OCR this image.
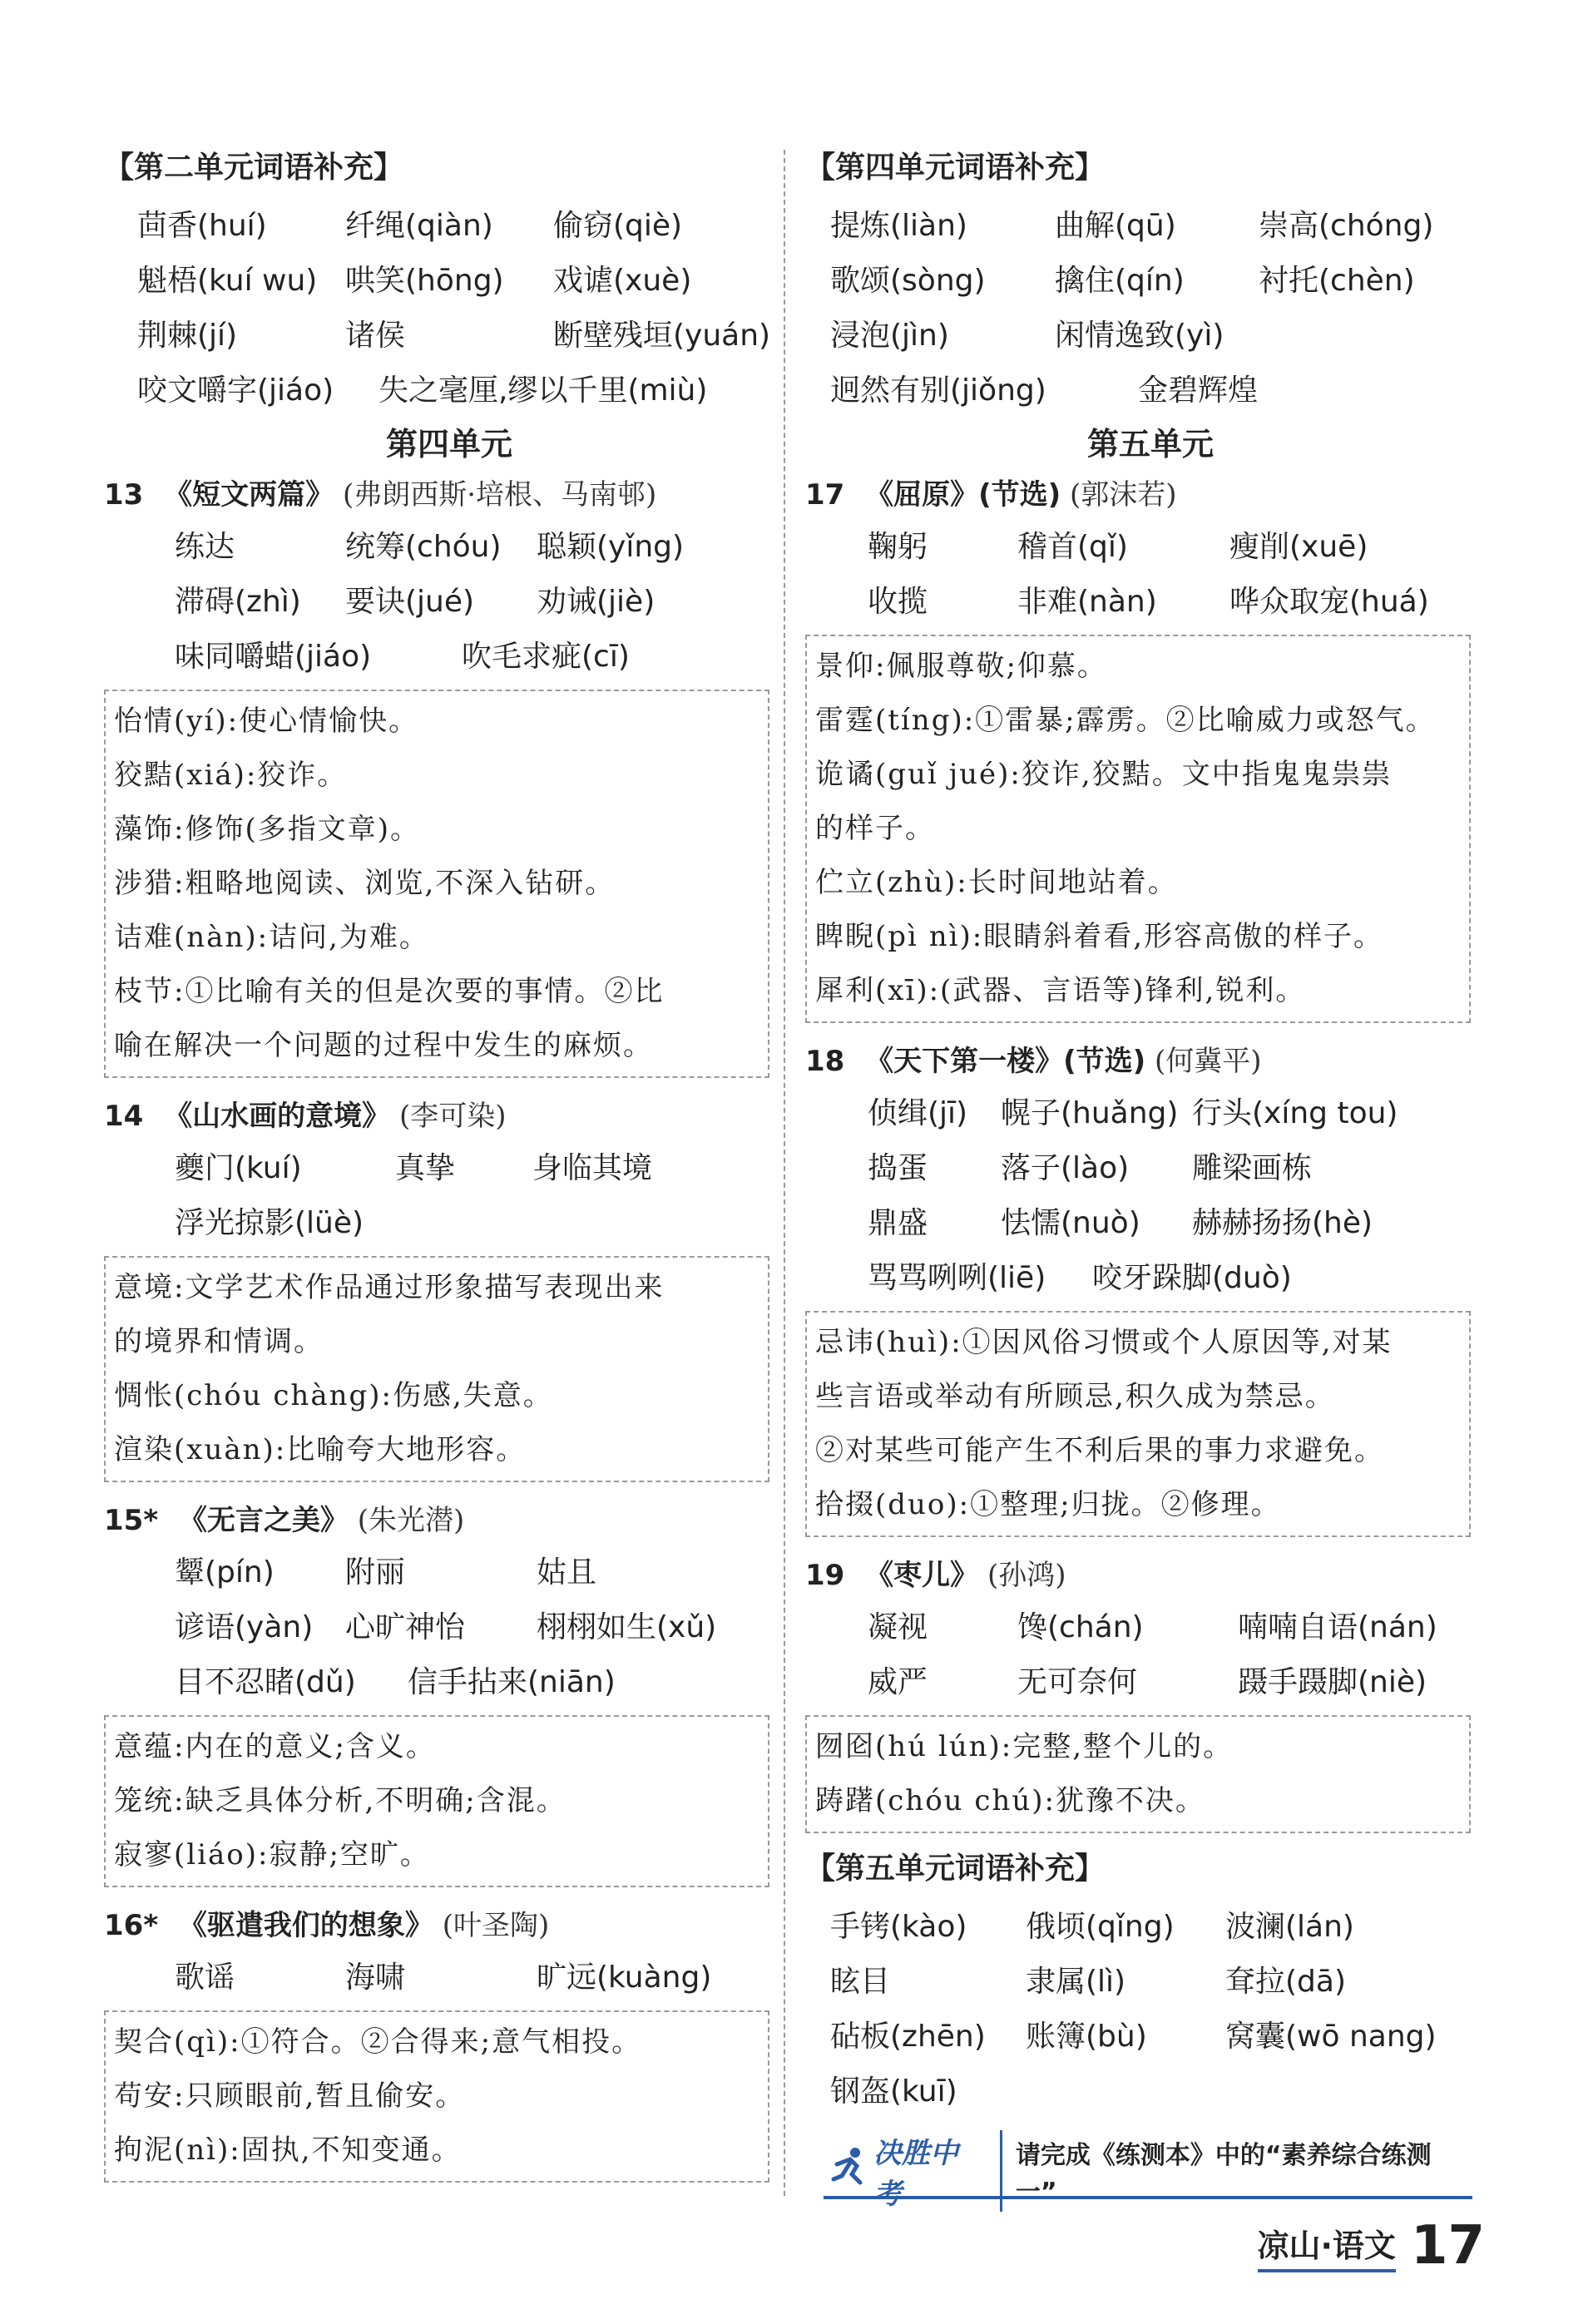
【第二单元词语补充】
茴香(huí)	纤绳(qiàn)	偷窃(qiè)
魁梧(kuí wu) 哄笑(hōng)	戏谑(xuè)
荆棘(jí)	诸侯	断壁残垣(yuán)
咬文嚼字(jiáo)	失之毫厘,缪以千里(miù)
第四单元
13 《短文两篇》 (弗朗西斯·培根、马南邨)
练达	统筹(chóu)	聪颖(yǐng)
滞碍(zhì)	要诀(jué)	劝诫(jiè)
味同嚼蜡(jiáo)	吹毛求疵(cī)
怡情(yí):使心情愉快。
狡黠(xiá):狡诈。
藻饰:修饰(多指文章)。
涉猎:粗略地阅读、浏览,不深入钻研。
诘难(nàn):诘问,为难。
枝节:①比喻有关的但是次要的事情。②比
喻在解决一个问题的过程中发生的麻烦。
14 《山水画的意境》 (李可染)
夔门(kuí)	真挚	身临其境
浮光掠影(lüè)
意境:文学艺术作品通过形象描写表现出来
的境界和情调。
惆怅(chóu chàng):伤感,失意。
渲染(xuàn):比喻夸大地形容。
15* 《无言之美》 (朱光潜)
颦(pín)	附丽	姑且
谚语(yàn)	心旷神怡	栩栩如生(xǔ)
目不忍睹(dǔ)	信手拈来(niān)
意蕴:内在的意义;含义。
笼统:缺乏具体分析,不明确;含混。
寂寥(liáo):寂静;空旷。
16* 《驱遣我们的想象》 (叶圣陶)
歌谣	海啸	旷远(kuàng)
契合(qì):①符合。②合得来;意气相投。
苟安:只顾眼前,暂且偷安。
拘泥(nì):固执,不知变通。
【第四单元词语补充】
提炼(liàn)	曲解(qū)	崇高(chóng)
歌颂(sòng)	擒住(qín)	衬托(chèn)
浸泡(jìn)	闲情逸致(yì)
迥然有别(jiǒng)	金碧辉煌
第五单元
17 《屈原》(节选) (郭沫若)
鞠躬	稽首(qǐ)	瘦削(xuē)
收揽	非难(nàn)	哗众取宠(huá)
景仰:佩服尊敬;仰慕。
雷霆(tíng):①雷暴;霹雳。②比喻威力或怒气。
诡谲(guǐ jué):狡诈,狡黠。文中指鬼鬼祟祟
的样子。
伫立(zhù):长时间地站着。
睥睨(pì nì):眼睛斜着看,形容高傲的样子。
犀利(xī):(武器、言语等)锋利,锐利。
18 《天下第一楼》(节选) (何冀平)
侦缉(jī)	幌子(huǎng) 行头(xíng tou)
捣蛋	落子(lào)	雕梁画栋
鼎盛	怯懦(nuò)	赫赫扬扬(hè)
骂骂咧咧(liē)	咬牙跺脚(duò)
忌讳(huì):①因风俗习惯或个人原因等,对某
些言语或举动有所顾忌,积久成为禁忌。
②对某些可能产生不利后果的事力求避免。
拾掇(duo):①整理;归拢。②修理。
19 《枣儿》 (孙鸿)
凝视	馋(chán)	喃喃自语(nán)
威严	无可奈何	蹑手蹑脚(niè)
囫囵(hú lún):完整,整个儿的。
踌躇(chóu chú):犹豫不决。
【第五单元词语补充】
手铐(kào)	俄顷(qǐng)	波澜(lán)
眩目	隶属(lì)	耷拉(dā)
砧板(zhēn)	账簿(bù)	窝囊(wō nang)
钢盔(kuī)
决胜中考
请完成《练测本》中的“素养综合练测一”
凉山·语文 17
